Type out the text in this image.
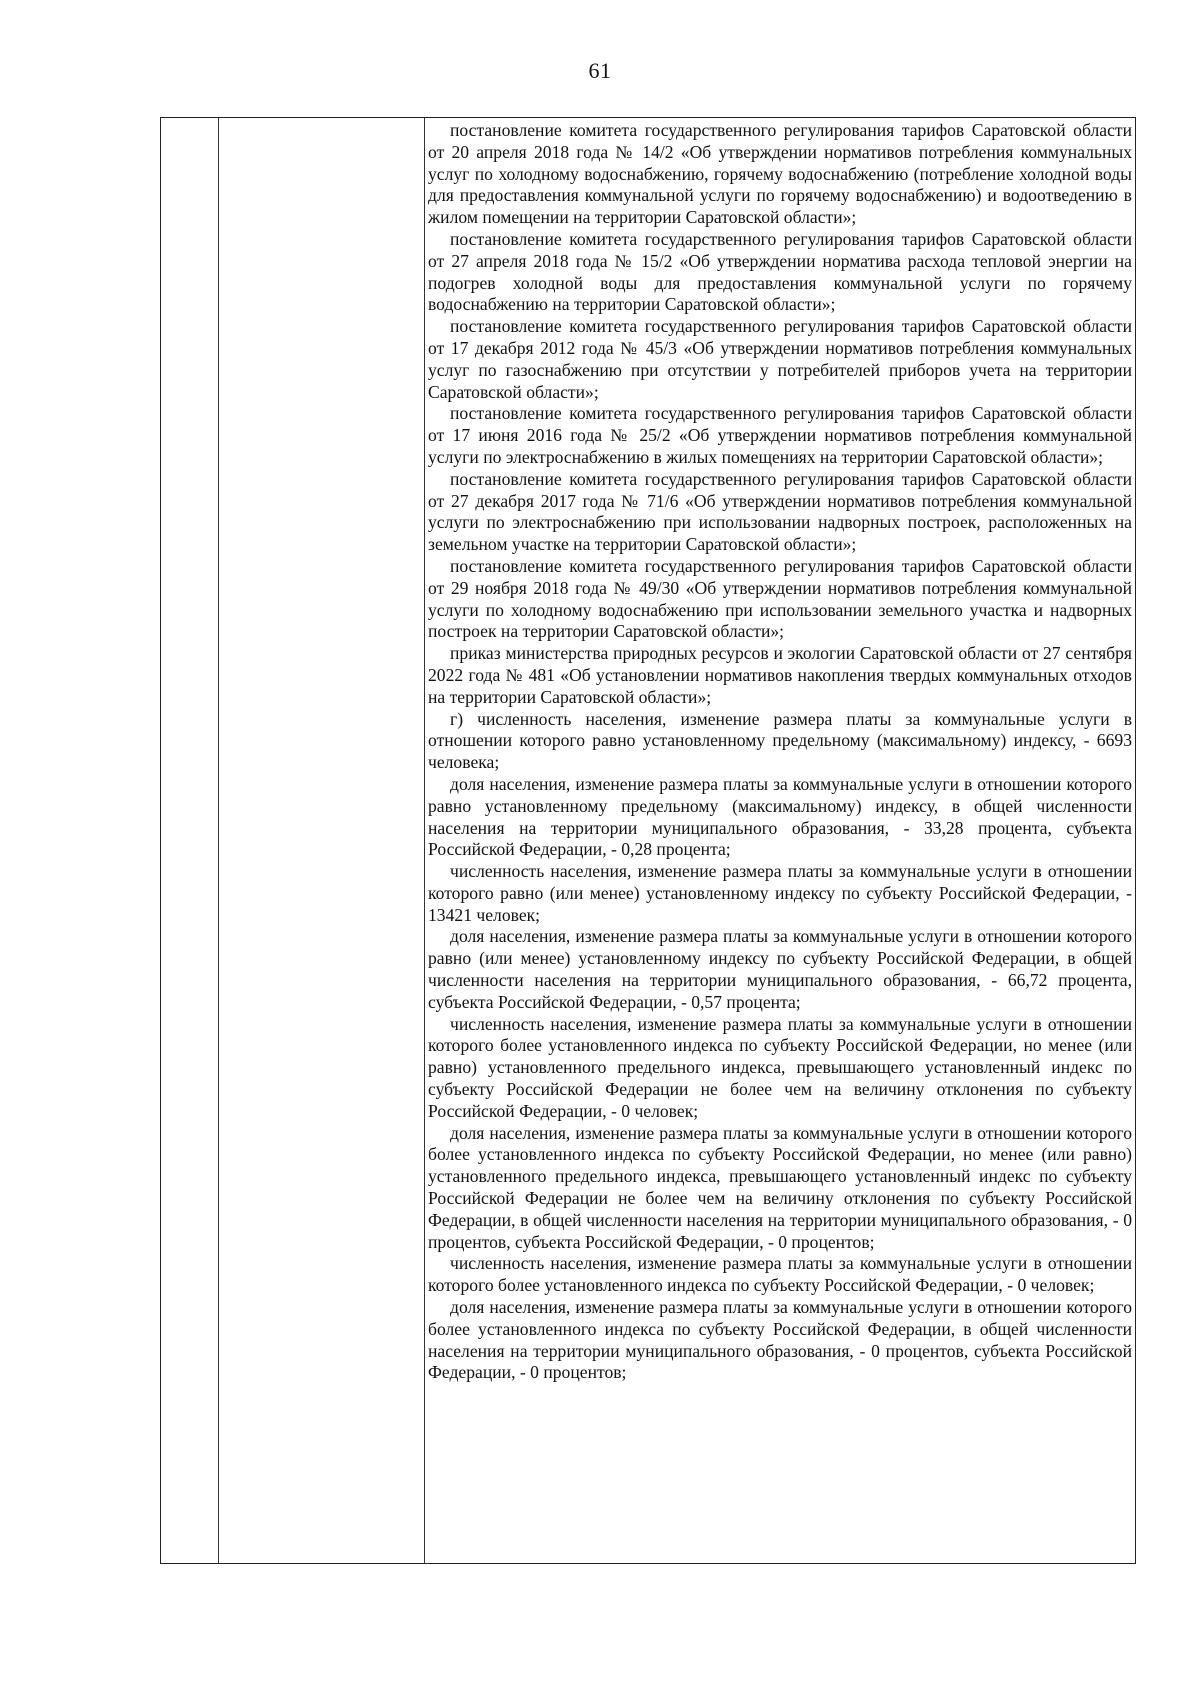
61

постановление комитета государственного регулирования тарифов Саратовской области от 20 апреля 2018 года № 14/2 «Об утверждении нормативов потребления коммунальных услуг по холодному водоснабжению, горячему водоснабжению (потребление холодной воды для предоставления коммунальной услуги по горячему водоснабжению) и водоотведению в жилом помещении на территории Саратовской области»;

постановление комитета государственного регулирования тарифов Саратовской области от 27 апреля 2018 года № 15/2 «Об утверждении норматива расхода тепловой энергии на подогрев холодной воды для предоставления коммунальной услуги по горячему водоснабжению на территории Саратовской области»;

постановление комитета государственного регулирования тарифов Саратовской области от 17 декабря 2012 года № 45/3 «Об утверждении нормативов потребления коммунальных услуг по газоснабжению при отсутствии у потребителей приборов учета на территории Саратовской области»;

постановление комитета государственного регулирования тарифов Саратовской области от 17 июня 2016 года № 25/2 «Об утверждении нормативов потребления коммунальной услуги по электроснабжению в жилых помещениях на территории Саратовской области»;

постановление комитета государственного регулирования тарифов Саратовской области от 27 декабря 2017 года № 71/6 «Об утверждении нормативов потребления коммунальной услуги по электроснабжению при использовании надворных построек, расположенных на земельном участке на территории Саратовской области»;

постановление комитета государственного регулирования тарифов Саратовской области от 29 ноября 2018 года № 49/30 «Об утверждении нормативов потребления коммунальной услуги по холодному водоснабжению при использовании земельного участка и надворных построек на территории Саратовской области»;

приказ министерства природных ресурсов и экологии Саратовской области от 27 сентября 2022 года № 481 «Об установлении нормативов накопления твердых коммунальных отходов на территории Саратовской области»;

г) численность населения, изменение размера платы за коммунальные услуги в отношении которого равно установленному предельному (максимальному) индексу, - 6693 человека;

доля населения, изменение размера платы за коммунальные услуги в отношении которого равно установленному предельному (максимальному) индексу, в общей численности населения на территории муниципального образования, - 33,28 процента, субъекта Российской Федерации, - 0,28 процента;

численность населения, изменение размера платы за коммунальные услуги в отношении которого равно (или менее) установленному индексу по субъекту Российской Федерации, - 13421 человек;

доля населения, изменение размера платы за коммунальные услуги в отношении которого равно (или менее) установленному индексу по субъекту Российской Федерации, в общей численности населения на территории муниципального образования, - 66,72 процента, субъекта Российской Федерации, - 0,57 процента;

численность населения, изменение размера платы за коммунальные услуги в отношении которого более установленного индекса по субъекту Российской Федерации, но менее (или равно) установленного предельного индекса, превышающего установленный индекс по субъекту Российской Федерации не более чем на величину отклонения по субъекту Российской Федерации, - 0 человек;

доля населения, изменение размера платы за коммунальные услуги в отношении которого более установленного индекса по субъекту Российской Федерации, но менее (или равно) установленного предельного индекса, превышающего установленный индекс по субъекту Российской Федерации не более чем на величину отклонения по субъекту Российской Федерации, в общей численности населения на территории муниципального образования, - 0 процентов, субъекта Российской Федерации, - 0 процентов;

численность населения, изменение размера платы за коммунальные услуги в отношении которого более установленного индекса по субъекту Российской Федерации, - 0 человек;

доля населения, изменение размера платы за коммунальные услуги в отношении которого более установленного индекса по субъекту Российской Федерации, в общей численности населения на территории муниципального образования, - 0 процентов, субъекта Российской Федерации, - 0 процентов;
